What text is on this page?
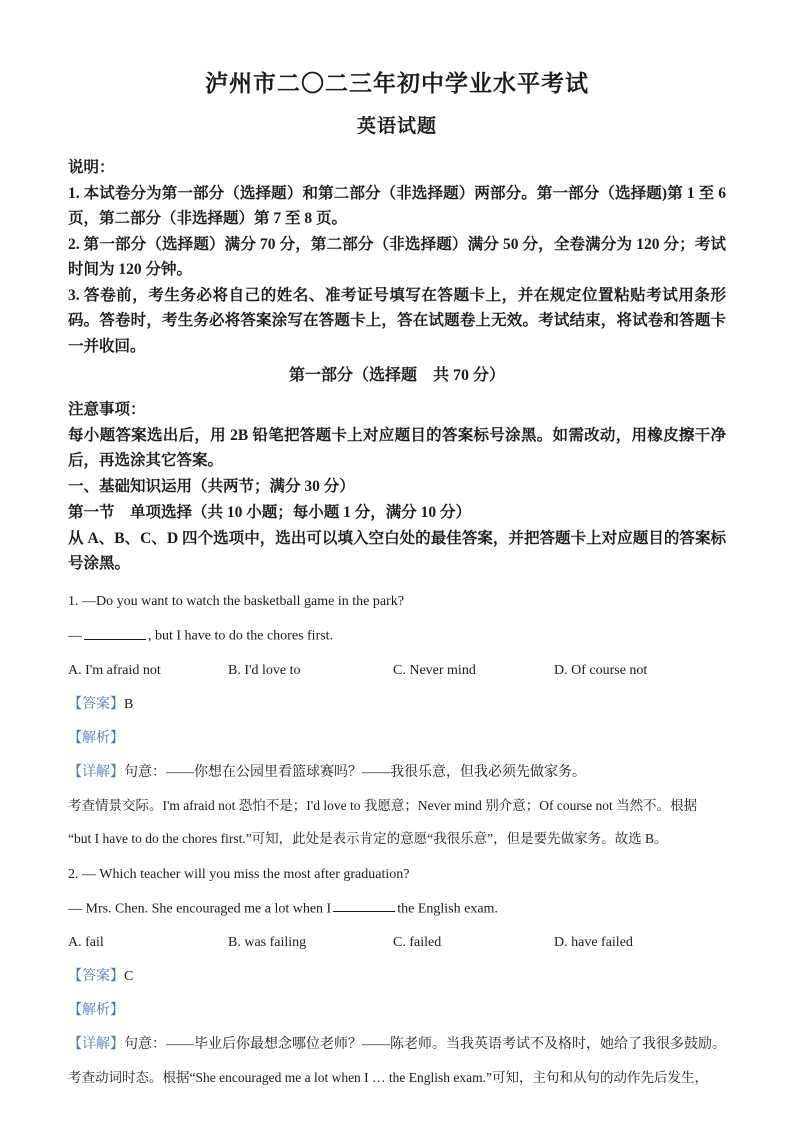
泸州市二〇二三年初中学业水平考试
英语试题
说明：
1. 本试卷分为第一部分（选择题）和第二部分（非选择题）两部分。第一部分（选择题)第 1 至 6 页，第二部分（非选择题）第 7 至 8 页。
2. 第一部分（选择题）满分 70 分，第二部分（非选择题）满分 50 分，全卷满分为 120 分；考试时间为 120 分钟。
3. 答卷前，考生务必将自己的姓名、准考证号填写在答题卡上，并在规定位置粘贴考试用条形码。答卷时，考生务必将答案涂写在答题卡上，答在试题卷上无效。考试结束，将试卷和答题卡一并收回。
第一部分（选择题　共 70 分）
注意事项：
每小题答案选出后，用 2B 铅笔把答题卡上对应题目的答案标号涂黑。如需改动，用橡皮擦干净后，再选涂其它答案。
一、基础知识运用（共两节；满分 30 分）
第一节　单项选择（共 10 小题；每小题 1 分，满分 10 分）
从 A、B、C、D 四个选项中，选出可以填入空白处的最佳答案，并把答题卡上对应题目的答案标号涂黑。
1. —Do you want to watch the basketball game in the park?
—	, but I have to do the chores first.
A. I'm afraid not	B. I'd love to	C. Never mind	D. Of course not
【答案】B
【解析】
【详解】句意：——你想在公园里看篮球赛吗？——我很乐意，但我必须先做家务。
考查情景交际。I'm afraid not 恐怕不是；I'd love to 我愿意；Never mind 别介意；Of course not 当然不。根据
“but I have to do the chores first.”可知，此处是表示肯定的意愿“我很乐意”，但是要先做家务。故选 B。
2. — Which teacher will you miss the most after graduation?
— Mrs. Chen. She encouraged me a lot when I	the English exam.
A. fail	B. was failing	C. failed	D. have failed
【答案】C
【解析】
【详解】句意：——毕业后你最想念哪位老师？——陈老师。当我英语考试不及格时，她给了我很多鼓励。
考查动词时态。根据“She encouraged me a lot when I … the English exam.”可知，主句和从句的动作先后发生，
